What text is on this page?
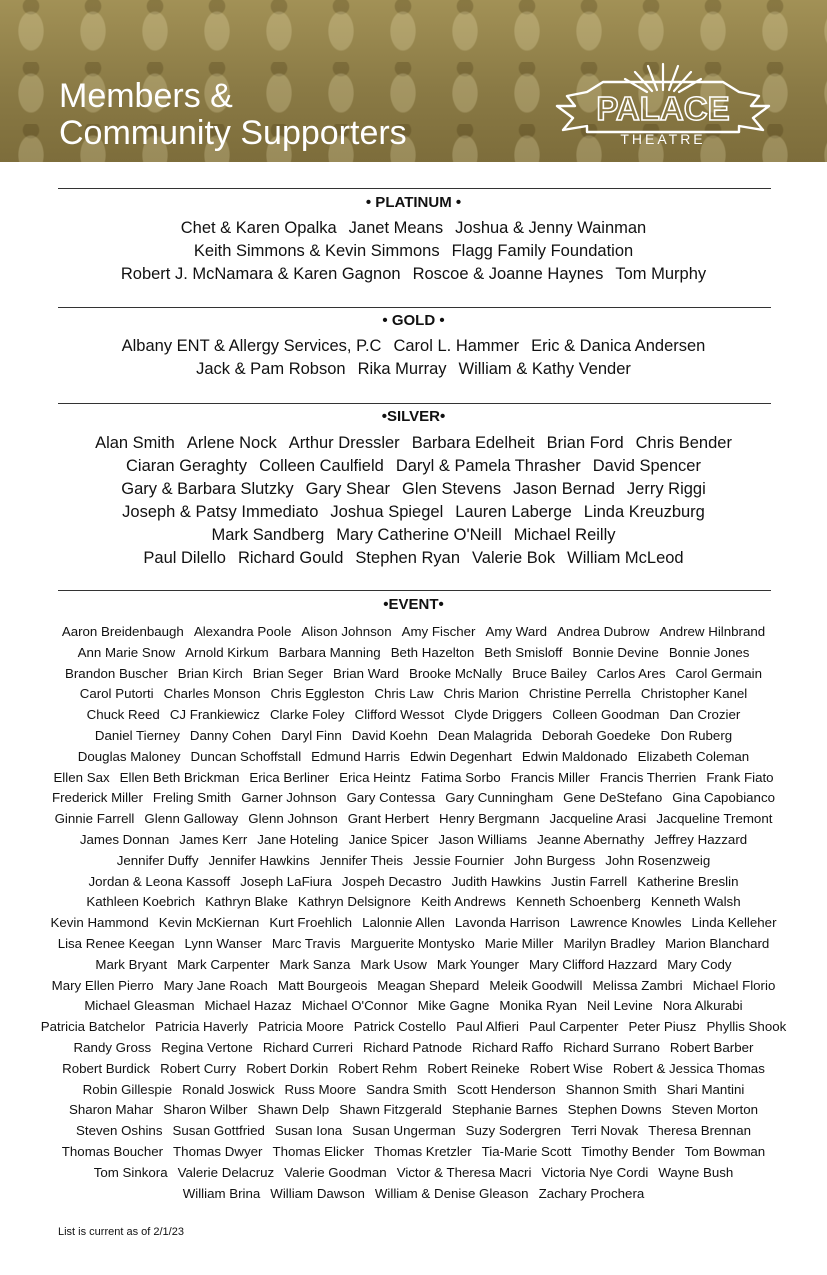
Members &
Community Supporters
PALACE
THEATRE
• PLATINUM •
Chet & Karen Opalka Janet Means Joshua & Jenny Wainman
Keith Simmons & Kevin Simmons Flagg Family Foundation
Robert J. McNamara & Karen Gagnon Roscoe & Joanne Haynes Tom Murphy
• GOLD •
Albany ENT & Allergy Services, P.C Carol L. Hammer Eric & Danica Andersen
Jack & Pam Robson Rika Murray William & Kathy Vender
•SILVER•
Alan Smith Arlene Nock Arthur Dressler Barbara Edelheit Brian Ford Chris Bender
Ciaran Geraghty Colleen Caulfield Daryl & Pamela Thrasher David Spencer
Gary & Barbara Slutzky Gary Shear Glen Stevens Jason Bernad Jerry Riggi
Joseph & Patsy Immediato Joshua Spiegel Lauren Laberge Linda Kreuzburg
Mark Sandberg Mary Catherine O'Neill Michael Reilly
Paul Dilello Richard Gould Stephen Ryan Valerie Bok William McLeod
•EVENT•
Aaron Breidenbaugh Alexandra Poole Alison Johnson Amy Fischer Amy Ward Andrea Dubrow Andrew Hilnbrand
Ann Marie Snow Arnold Kirkum Barbara Manning Beth Hazelton Beth Smisloff Bonnie Devine Bonnie Jones
Brandon Buscher Brian Kirch Brian Seger Brian Ward Brooke McNally Bruce Bailey Carlos Ares Carol Germain
Carol Putorti Charles Monson Chris Eggleston Chris Law Chris Marion Christine Perrella Christopher Kanel
Chuck Reed CJ Frankiewicz Clarke Foley Clifford Wessot Clyde Driggers Colleen Goodman Dan Crozier
Daniel Tierney Danny Cohen Daryl Finn David Koehn Dean Malagrida Deborah Goedeke Don Ruberg
Douglas Maloney Duncan Schoffstall Edmund Harris Edwin Degenhart Edwin Maldonado Elizabeth Coleman
Ellen Sax Ellen Beth Brickman Erica Berliner Erica Heintz Fatima Sorbo Francis Miller Francis Therrien Frank Fiato
Frederick Miller Freling Smith Garner Johnson Gary Contessa Gary Cunningham Gene DeStefano Gina Capobianco
Ginnie Farrell Glenn Galloway Glenn Johnson Grant Herbert Henry Bergmann Jacqueline Arasi Jacqueline Tremont
James Donnan James Kerr Jane Hoteling Janice Spicer Jason Williams Jeanne Abernathy Jeffrey Hazzard
Jennifer Duffy Jennifer Hawkins Jennifer Theis Jessie Fournier John Burgess John Rosenzweig
Jordan & Leona Kassoff Joseph LaFiura Jospeh Decastro Judith Hawkins Justin Farrell Katherine Breslin
Kathleen Koebrich Kathryn Blake Kathryn Delsignore Keith Andrews Kenneth Schoenberg Kenneth Walsh
Kevin Hammond Kevin McKiernan Kurt Froehlich Lalonnie Allen Lavonda Harrison Lawrence Knowles Linda Kelleher
Lisa Renee Keegan Lynn Wanser Marc Travis Marguerite Montysko Marie Miller Marilyn Bradley Marion Blanchard
Mark Bryant Mark Carpenter Mark Sanza Mark Usow Mark Younger Mary Clifford Hazzard Mary Cody
Mary Ellen Pierro Mary Jane Roach Matt Bourgeois Meagan Shepard Meleik Goodwill Melissa Zambri Michael Florio
Michael Gleasman Michael Hazaz Michael O'Connor Mike Gagne Monika Ryan Neil Levine Nora Alkurabi
Patricia Batchelor Patricia Haverly Patricia Moore Patrick Costello Paul Alfieri Paul Carpenter Peter Piusz Phyllis Shook
Randy Gross Regina Vertone Richard Curreri Richard Patnode Richard Raffo Richard Surrano Robert Barber
Robert Burdick Robert Curry Robert Dorkin Robert Rehm Robert Reineke Robert Wise Robert & Jessica Thomas
Robin Gillespie Ronald Joswick Russ Moore Sandra Smith Scott Henderson Shannon Smith Shari Mantini
Sharon Mahar Sharon Wilber Shawn Delp Shawn Fitzgerald Stephanie Barnes Stephen Downs Steven Morton
Steven Oshins Susan Gottfried Susan Iona Susan Ungerman Suzy Sodergren Terri Novak Theresa Brennan
Thomas Boucher Thomas Dwyer Thomas Elicker Thomas Kretzler Tia-Marie Scott Timothy Bender Tom Bowman
Tom Sinkora Valerie Delacruz Valerie Goodman Victor & Theresa Macri Victoria Nye Cordi Wayne Bush
William Brina William Dawson William & Denise Gleason Zachary Prochera
List is current as of 2/1/23
